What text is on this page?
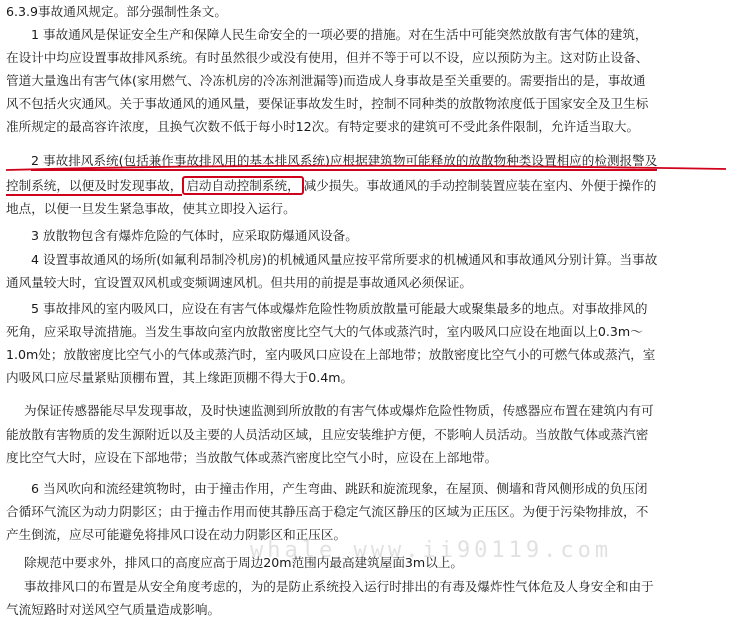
6.3.9事故通风规定。部分强制性条文。
1 事故通风是保证安全生产和保障人民生命安全的一项必要的措施。对在生活中可能突然放散有害气体的建筑，
在设计中均应设置事故排风系统。有时虽然很少或没有使用，但并不等于可以不设，应以预防为主。这对防止设备、
管道大量逸出有害气体(家用燃气、冷冻机房的冷冻剂泄漏等)而造成人身事故是至关重要的。需要指出的是，事故通
风不包括火灾通风。关于事故通风的通风量，要保证事故发生时，控制不同种类的放散物浓度低于国家安全及卫生标
准所规定的最高容许浓度，且换气次数不低于每小时12次。有特定要求的建筑可不受此条件限制，允许适当取大。
2 事故排风系统(包括兼作事故排风用的基本排风系统)应根据建筑物可能释放的放散物种类设置相应的检测报警及
控制系统，以便及时发现事故， 启动自动控制系统， 减少损失。事故通风的手动控制装置应装在室内、外便于操作的
地点，以便一旦发生紧急事故，使其立即投入运行。
3 放散物包含有爆炸危险的气体时，应采取防爆通风设备。
4 设置事故通风的场所(如氟利昂制冷机房)的机械通风量应按平常所要求的机械通风和事故通风分别计算。当事故
通风量较大时，宜设置双风机或变频调速风机。但共用的前提是事故通风必须保证。
5 事故排风的室内吸风口，应设在有害气体或爆炸危险性物质放散量可能最大或聚集最多的地点。对事故排风的
死角，应采取导流措施。当发生事故向室内放散密度比空气大的气体或蒸汽时，室内吸风口应设在地面以上0.3m～
1.0m处；放散密度比空气小的气体或蒸汽时，室内吸风口应设在上部地带；放散密度比空气小的可燃气体或蒸汽，室
内吸风口应尽量紧贴顶棚布置，其上缘距顶棚不得大于0.4m。
为保证传感器能尽早发现事故，及时快速监测到所放散的有害气体或爆炸危险性物质，传感器应布置在建筑内有可
能放散有害物质的发生源附近以及主要的人员活动区域，且应安装维护方便，不影响人员活动。当放散气体或蒸汽密
度比空气大时，应设在下部地带；当放散气体或蒸汽密度比空气小时，应设在上部地带。
6 当风吹向和流经建筑物时，由于撞击作用，产生弯曲、跳跃和旋流现象，在屋顶、侧墙和背风侧形成的负压闭
合循环气流区为动力阴影区；由于撞击作用而使其静压高于稳定气流区静压的区域为正压区。为便于污染物排放，不
产生倒流，应尽可能避免将排风口设在动力阴影区和正压区。
除规范中要求外，排风口的高度应高于周边20m范围内最高建筑屋面3m以上。
事故排风口的布置是从安全角度考虑的，为的是防止系统投入运行时排出的有毒及爆炸性气体危及人身安全和由于
气流短路时对送风空气质量造成影响。
whale www.ii90119.com
